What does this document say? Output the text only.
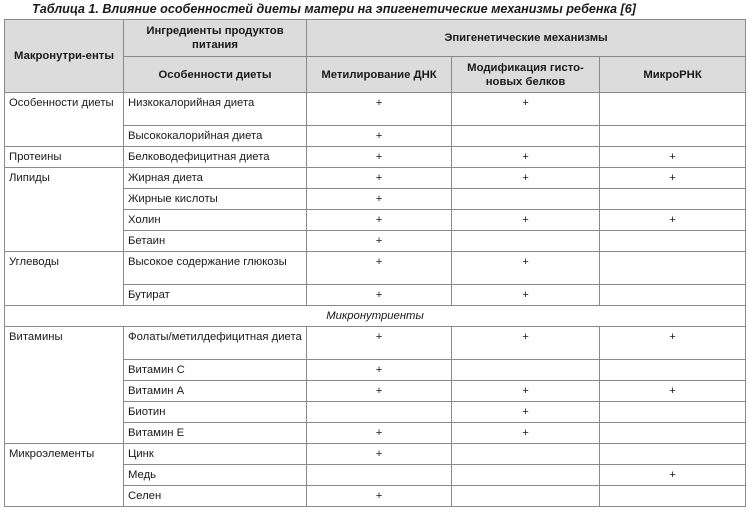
Таблица 1. Влияние особенностей диеты матери на эпигенетические механизмы ребенка [6]
Макронутри-енты	Ингредиенты продуктов питания	Эпигенетические механизмы		
	Особенности диеты	Метилирование ДНК	Модификация гисто-новых белков	МикроРНК
Особенности диеты	Низкокалорийная диета	+	+	
	Высококалорийная диета	+		
Протеины	Белководефицитная диета	+	+	+
Липиды	Жирная диета	+	+	+
	Жирные кислоты	+		
	Холин	+	+	+
	Бетаин	+		
Углеводы	Высокое содержание глюкозы	+	+	
	Бутират	+	+	
Микронутриенты				
Витамины	Фолаты/метилдефицитная диета	+	+	+
	Витамин С	+		
	Витамин А	+	+	+
	Биотин		+	
	Витамин Е	+	+	
Микроэлементы	Цинк	+		
	Медь			+
	Селен	+		
